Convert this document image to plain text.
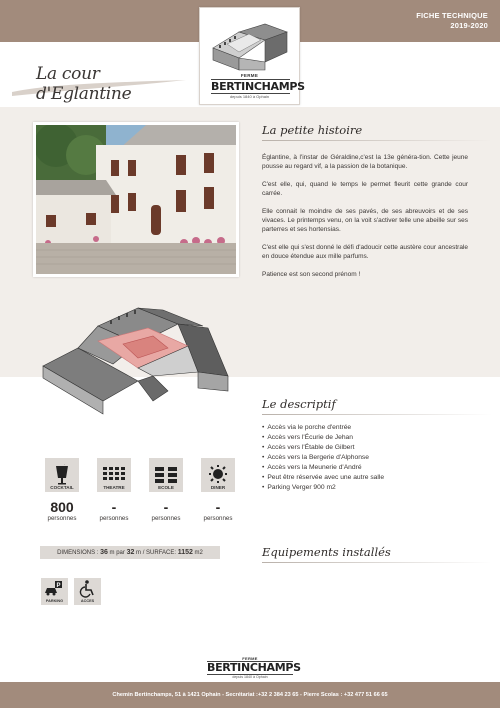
FICHE TECHNIQUE
2019-2020
FERME
BERTINCHAMPS
depuis 1840 à Ophain
La cour d'Eglantine
La petite histoire

Églantine, à l'instar de Géraldine,c'est la 13e généra-tion. Cette jeune pousse au regard vif, a la passion de la botanique.

C'est elle, qui, quand le temps le permet fleurit cette grande cour carrée.

Elle connait le moindre de ses pavés, de ses abreuvoirs et de ses vivaces. Le printemps venu, on la voit s'activer telle une abeille sur ses parterres et ses hortensias.

C'est elle qui s'est donné le défi d'adoucir cette austère cour ancestrale en douce étendue aux mille parfums.

Patience est son second prénom !

Le descriptif
• Accès via le porche d'entrée
• Accès vers l'Écurie de Jehan
• Accès vers l'Étable de Gilbert
• Accès vers la Bergerie d'Alphonse
• Accès vers la Meunerie d'André
• Peut être réservée avec une autre salle
• Parking Verger 900 m2
COCKTAIL
800
personnes
THEATRE
-
personnes
ECOLE
-
personnes
DINER
-
personnes
DIMENSIONS : 36 m par 32 m / SURFACE: 1152 m2	Equipements installés
P
PARKING	ACCES
FERME
BERTINCHAMPS
depuis 1840 à Ophain
Chemin Bertinchamps, 51 à 1421 Ophain - Secrétariat :+32 2 384 23 65 - Pierre Scolas : +32 477 51 66 65
